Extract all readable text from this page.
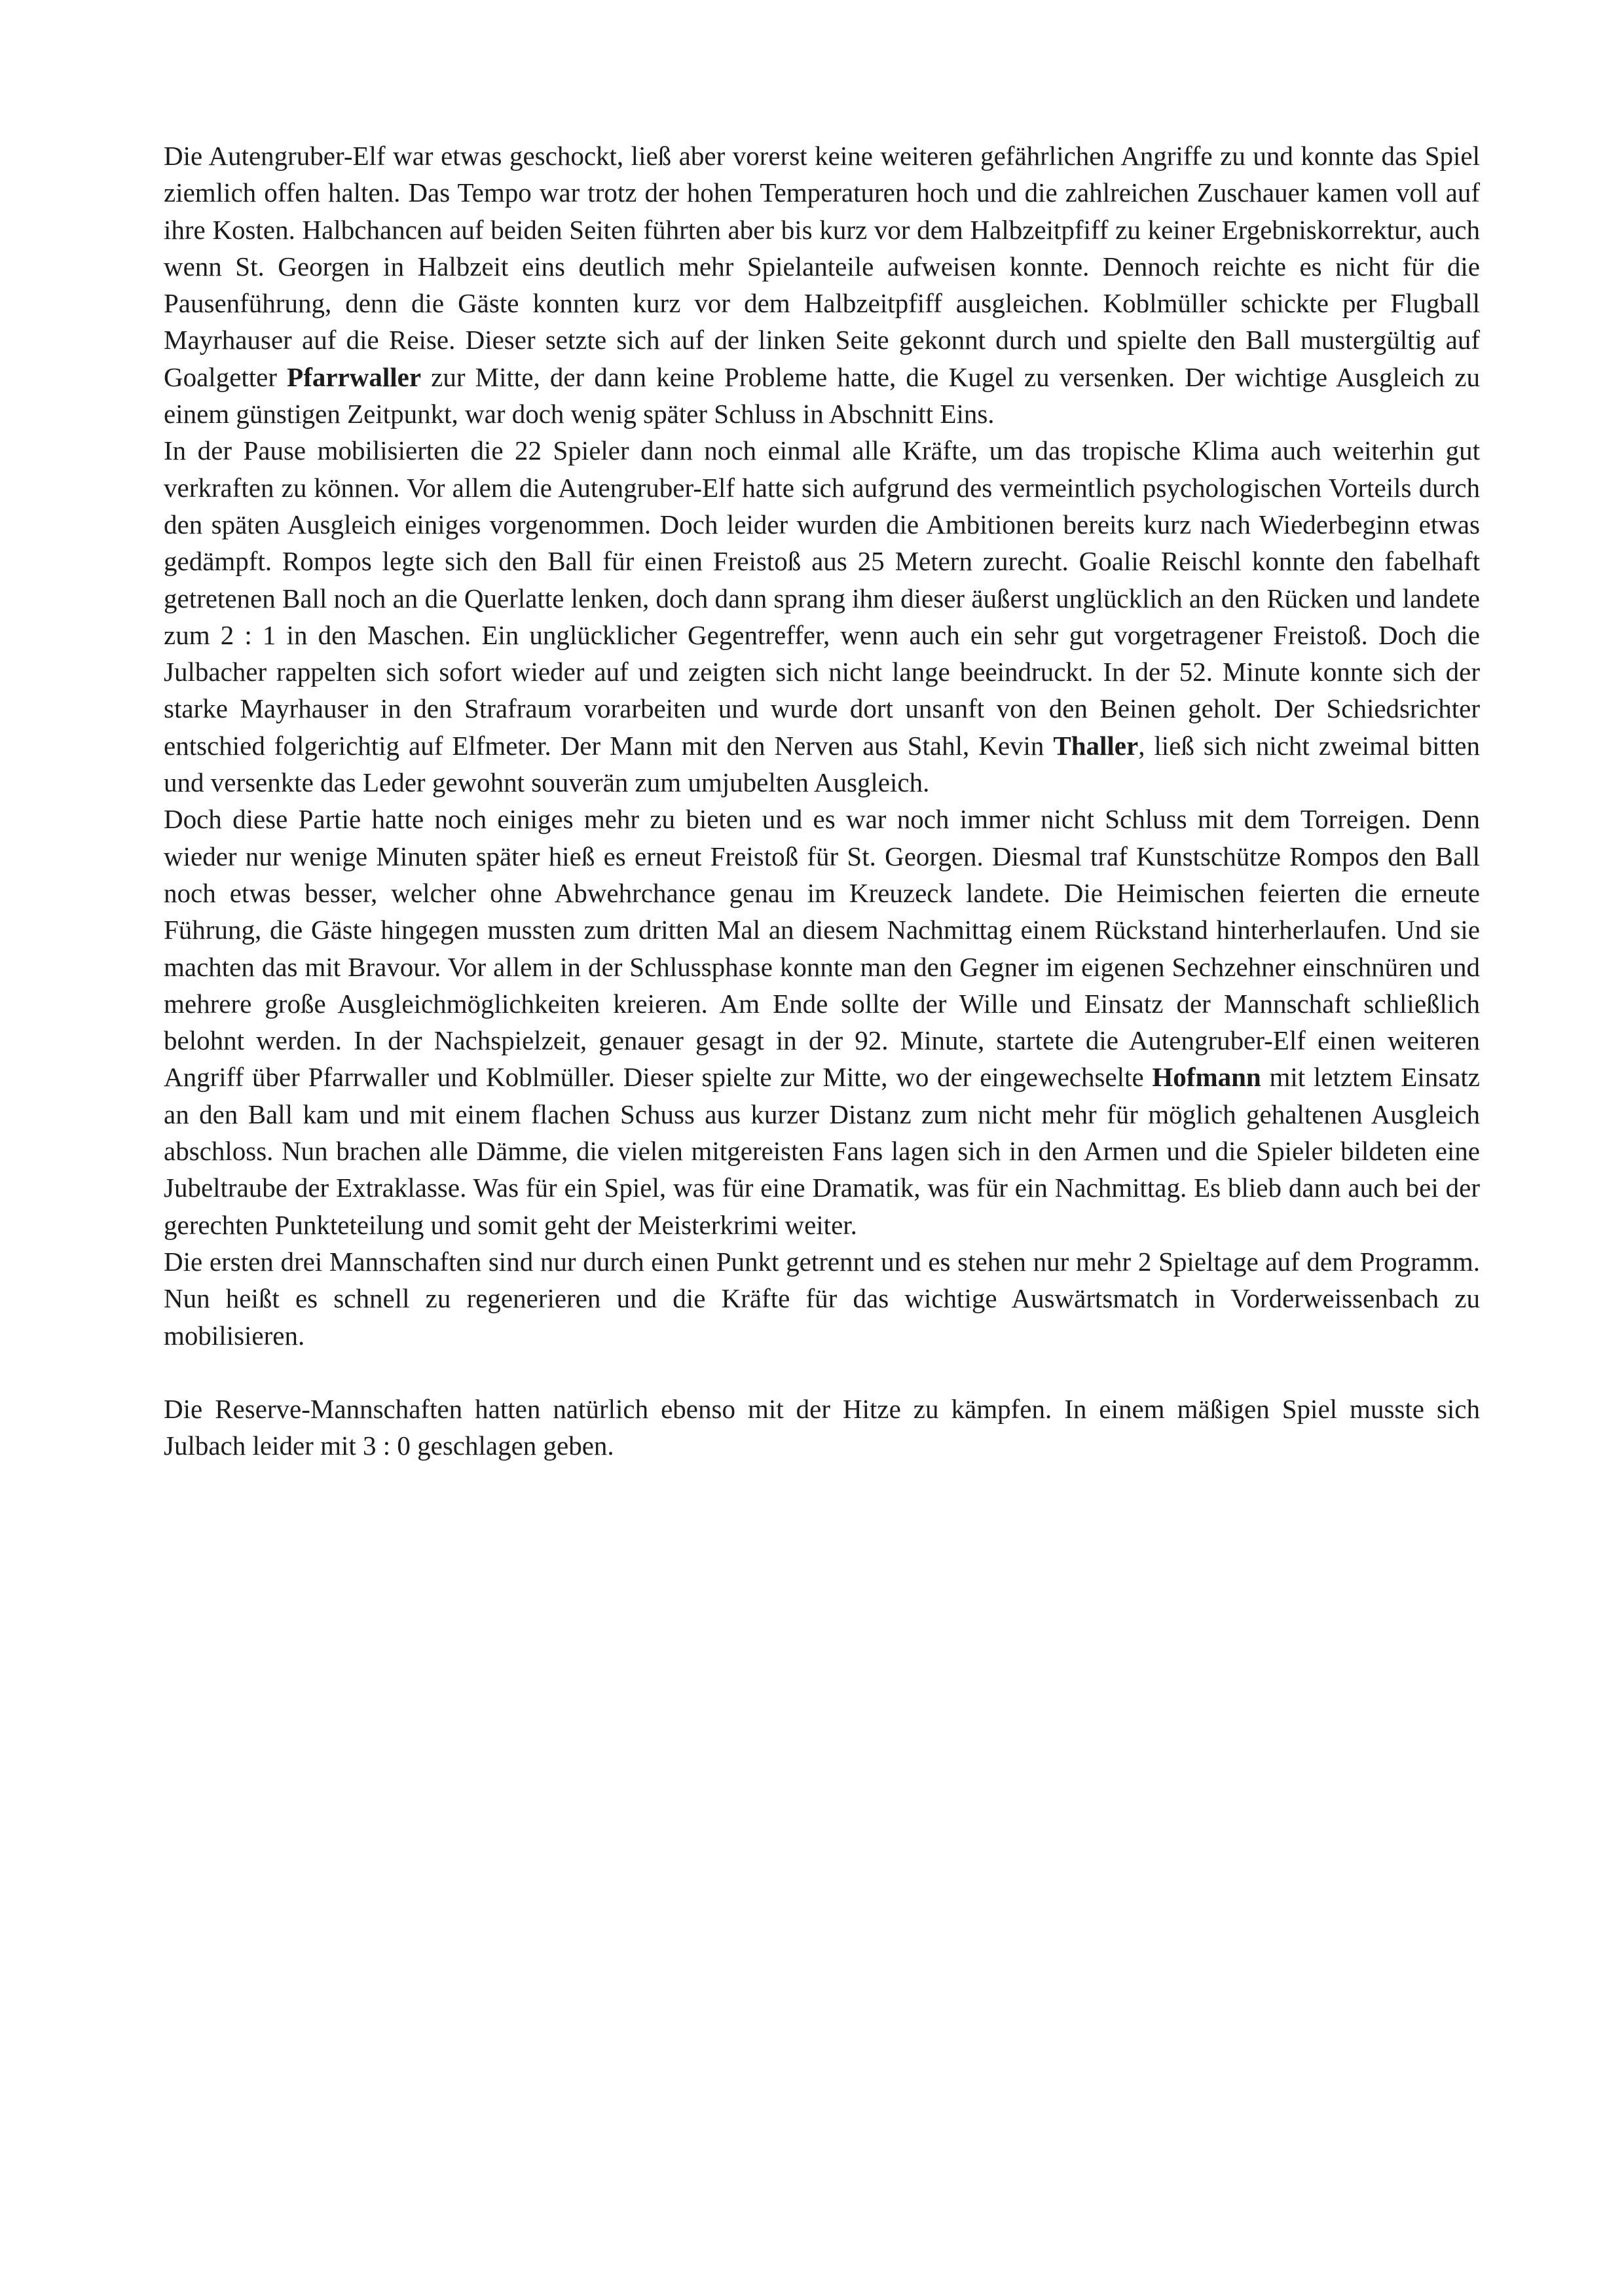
Die Autengruber-Elf war etwas geschockt, ließ aber vorerst keine weiteren gefährlichen Angriffe zu und konnte das Spiel ziemlich offen halten. Das Tempo war trotz der hohen Temperaturen hoch und die zahlreichen Zuschauer kamen voll auf ihre Kosten. Halbchancen auf beiden Seiten führten aber bis kurz vor dem Halbzeitpfiff zu keiner Ergebniskorrektur, auch wenn St. Georgen in Halbzeit eins deutlich mehr Spielanteile aufweisen konnte. Dennoch reichte es nicht für die Pausenführung, denn die Gäste konnten kurz vor dem Halbzeitpfiff ausgleichen. Koblmüller schickte per Flugball Mayrhauser auf die Reise. Dieser setzte sich auf der linken Seite gekonnt durch und spielte den Ball mustergültig auf Goalgetter Pfarrwaller zur Mitte, der dann keine Probleme hatte, die Kugel zu versenken. Der wichtige Ausgleich zu einem günstigen Zeitpunkt, war doch wenig später Schluss in Abschnitt Eins.

In der Pause mobilisierten die 22 Spieler dann noch einmal alle Kräfte, um das tropische Klima auch weiterhin gut verkraften zu können. Vor allem die Autengruber-Elf hatte sich aufgrund des vermeintlich psychologischen Vorteils durch den späten Ausgleich einiges vorgenommen. Doch leider wurden die Ambitionen bereits kurz nach Wiederbeginn etwas gedämpft. Rompos legte sich den Ball für einen Freistoß aus 25 Metern zurecht. Goalie Reischl konnte den fabelhaft getretenen Ball noch an die Querlatte lenken, doch dann sprang ihm dieser äußerst unglücklich an den Rücken und landete zum 2 : 1 in den Maschen. Ein unglücklicher Gegentreffer, wenn auch ein sehr gut vorgetragener Freistoß. Doch die Julbacher rappelten sich sofort wieder auf und zeigten sich nicht lange beeindruckt. In der 52. Minute konnte sich der starke Mayrhauser in den Strafraum vorarbeiten und wurde dort unsanft von den Beinen geholt. Der Schiedsrichter entschied folgerichtig auf Elfmeter. Der Mann mit den Nerven aus Stahl, Kevin Thaller, ließ sich nicht zweimal bitten und versenkte das Leder gewohnt souverän zum umjubelten Ausgleich.

Doch diese Partie hatte noch einiges mehr zu bieten und es war noch immer nicht Schluss mit dem Torreigen. Denn wieder nur wenige Minuten später hieß es erneut Freistoß für St. Georgen. Diesmal traf Kunstschütze Rompos den Ball noch etwas besser, welcher ohne Abwehrchance genau im Kreuzeck landete. Die Heimischen feierten die erneute Führung, die Gäste hingegen mussten zum dritten Mal an diesem Nachmittag einem Rückstand hinterherlaufen. Und sie machten das mit Bravour. Vor allem in der Schlussphase konnte man den Gegner im eigenen Sechzehner einschnüren und mehrere große Ausgleichmöglichkeiten kreieren. Am Ende sollte der Wille und Einsatz der Mannschaft schließlich belohnt werden. In der Nachspielzeit, genauer gesagt in der 92. Minute, startete die Autengruber-Elf einen weiteren Angriff über Pfarrwaller und Koblmüller. Dieser spielte zur Mitte, wo der eingewechselte Hofmann mit letztem Einsatz an den Ball kam und mit einem flachen Schuss aus kurzer Distanz zum nicht mehr für möglich gehaltenen Ausgleich abschloss. Nun brachen alle Dämme, die vielen mitgereisten Fans lagen sich in den Armen und die Spieler bildeten eine Jubeltraube der Extraklasse. Was für ein Spiel, was für eine Dramatik, was für ein Nachmittag. Es blieb dann auch bei der gerechten Punkteteilung und somit geht der Meisterkrimi weiter.

Die ersten drei Mannschaften sind nur durch einen Punkt getrennt und es stehen nur mehr 2 Spieltage auf dem Programm. Nun heißt es schnell zu regenerieren und die Kräfte für das wichtige Auswärtsmatch in Vorderweissenbach zu mobilisieren.

Die Reserve-Mannschaften hatten natürlich ebenso mit der Hitze zu kämpfen. In einem mäßigen Spiel musste sich Julbach leider mit 3 : 0 geschlagen geben.
